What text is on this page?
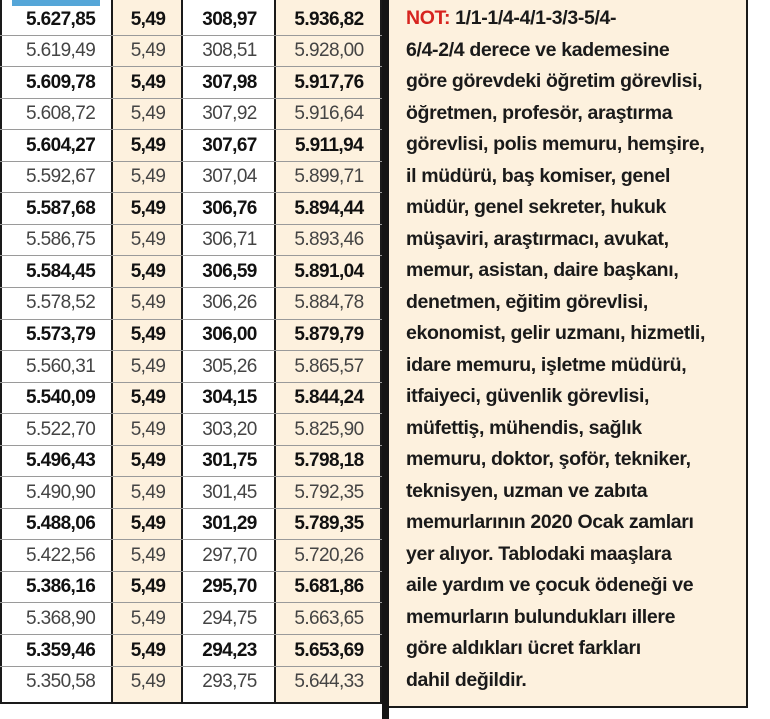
5.627,85	5,49	308,97	5.936,82
5.619,49	5,49	308,51	5.928,00
5.609,78	5,49	307,98	5.917,76
5.608,72	5,49	307,92	5.916,64
5.604,27	5,49	307,67	5.911,94
5.592,67	5,49	307,04	5.899,71
5.587,68	5,49	306,76	5.894,44
5.586,75	5,49	306,71	5.893,46
5.584,45	5,49	306,59	5.891,04
5.578,52	5,49	306,26	5.884,78
5.573,79	5,49	306,00	5.879,79
5.560,31	5,49	305,26	5.865,57
5.540,09	5,49	304,15	5.844,24
5.522,70	5,49	303,20	5.825,90
5.496,43	5,49	301,75	5.798,18
5.490,90	5,49	301,45	5.792,35
5.488,06	5,49	301,29	5.789,35
5.422,56	5,49	297,70	5.720,26
5.386,16	5,49	295,70	5.681,86
5.368,90	5,49	294,75	5.663,65
5.359,46	5,49	294,23	5.653,69
5.350,58	5,49	293,75	5.644,33

NOT: 1/1-1/4-4/1-3/3-5/4-
6/4-2/4 derece ve kademesine
göre görevdeki öğretim görevlisi,
öğretmen, profesör, araştırma
görevlisi, polis memuru, hemşire,
il müdürü, baş komiser, genel
müdür, genel sekreter, hukuk
müşaviri, araştırmacı, avukat,
memur, asistan, daire başkanı,
denetmen, eğitim görevlisi,
ekonomist, gelir uzmanı, hizmetli,
idare memuru, işletme müdürü,
itfaiyeci, güvenlik görevlisi,
müfettiş, mühendis, sağlık
memuru, doktor, şoför, tekniker,
teknisyen, uzman ve zabıta
memurlarının 2020 Ocak zamları
yer alıyor. Tablodaki maaşlara
aile yardım ve çocuk ödeneği ve
memurların bulundukları illere
göre aldıkları ücret farkları
dahil değildir.
